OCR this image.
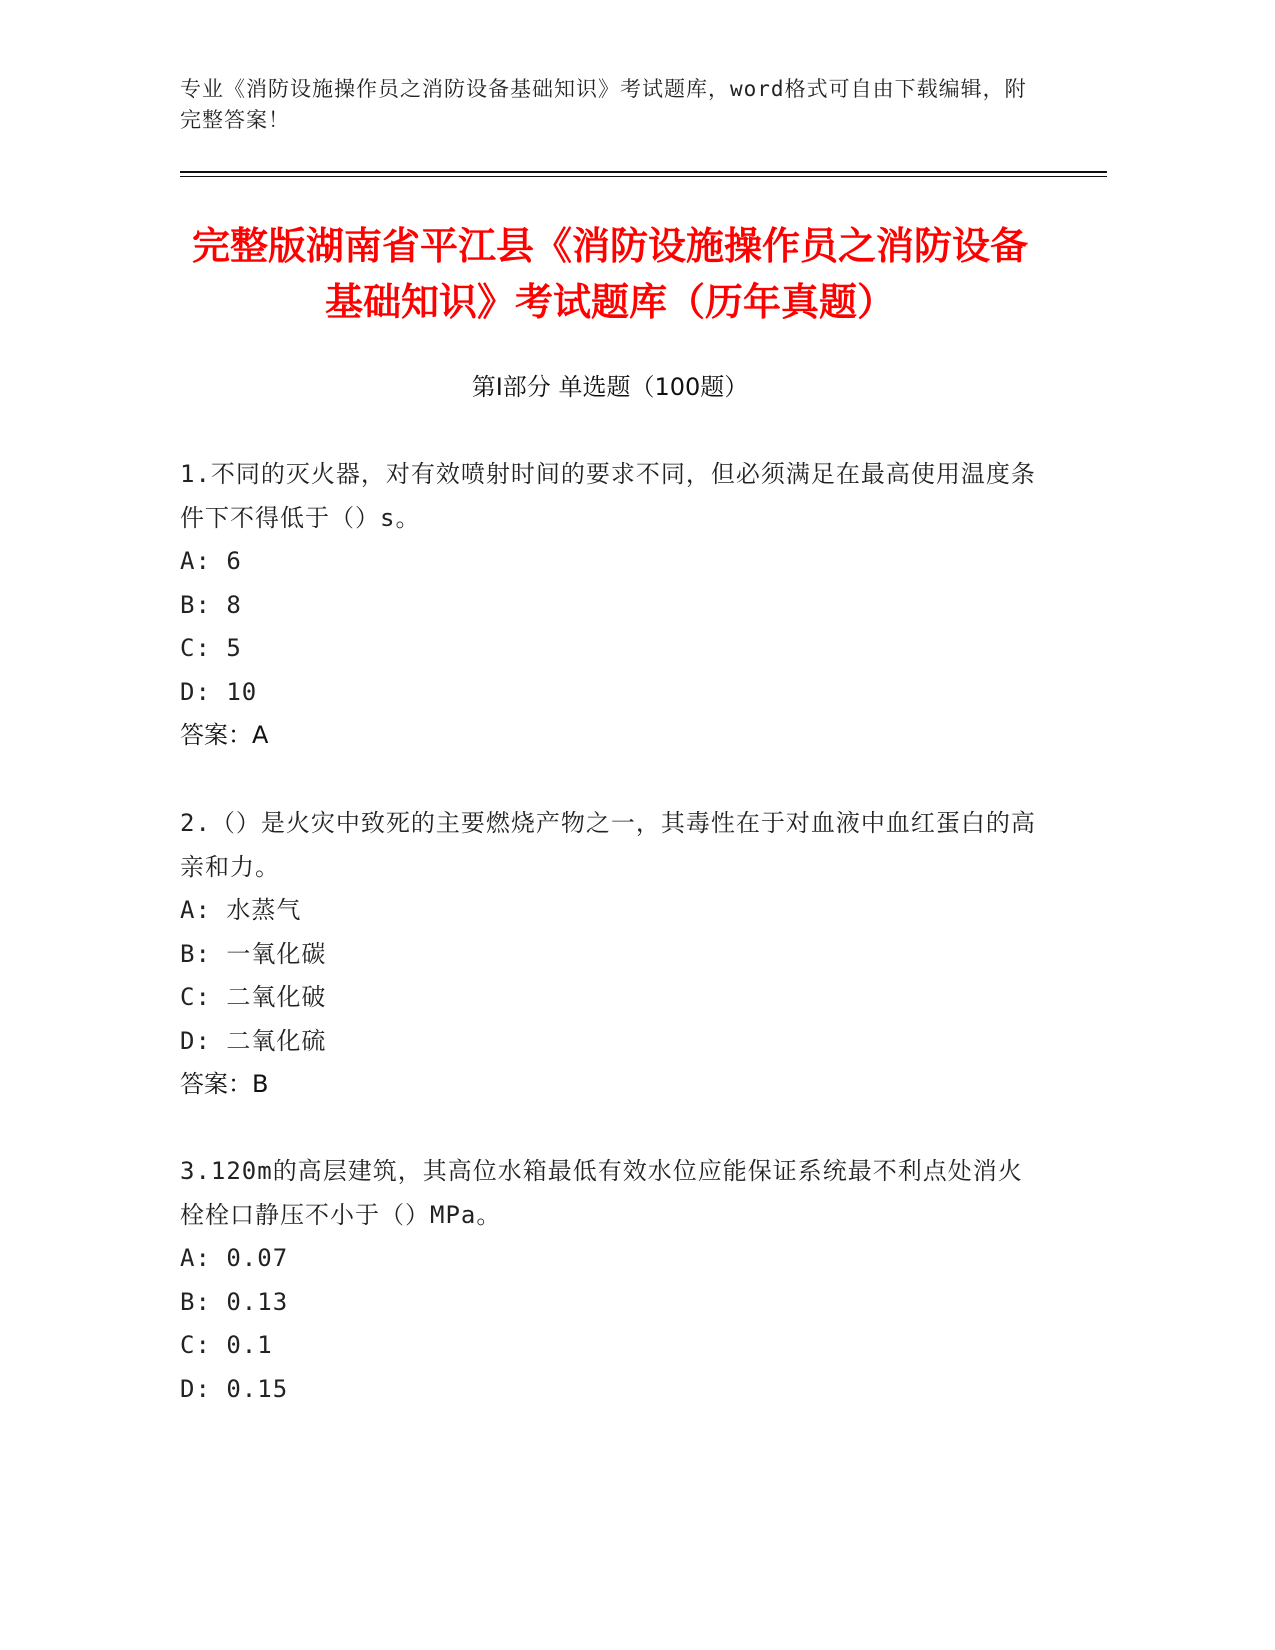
专业《消防设施操作员之消防设备基础知识》考试题库，word格式可自由下载编辑，附完整答案！
完整版湖南省平江县《消防设施操作员之消防设备基础知识》考试题库（历年真题）
第Ⅰ部分 单选题（100题）

1.不同的灭火器，对有效喷射时间的要求不同，但必须满足在最高使用温度条件下不得低于（）s。

A: 6

B: 8

C: 5

D: 10

答案：A

2.（）是火灾中致死的主要燃烧产物之一，其毒性在于对血液中血红蛋白的高亲和力。

A: 水蒸气

B: 一氧化碳

C: 二氧化破

D: 二氧化硫

答案：B

3.120m的高层建筑，其高位水箱最低有效水位应能保证系统最不利点处消火栓栓口静压不小于（）MPa。

A: 0.07

B: 0.13

C: 0.1

D: 0.15
